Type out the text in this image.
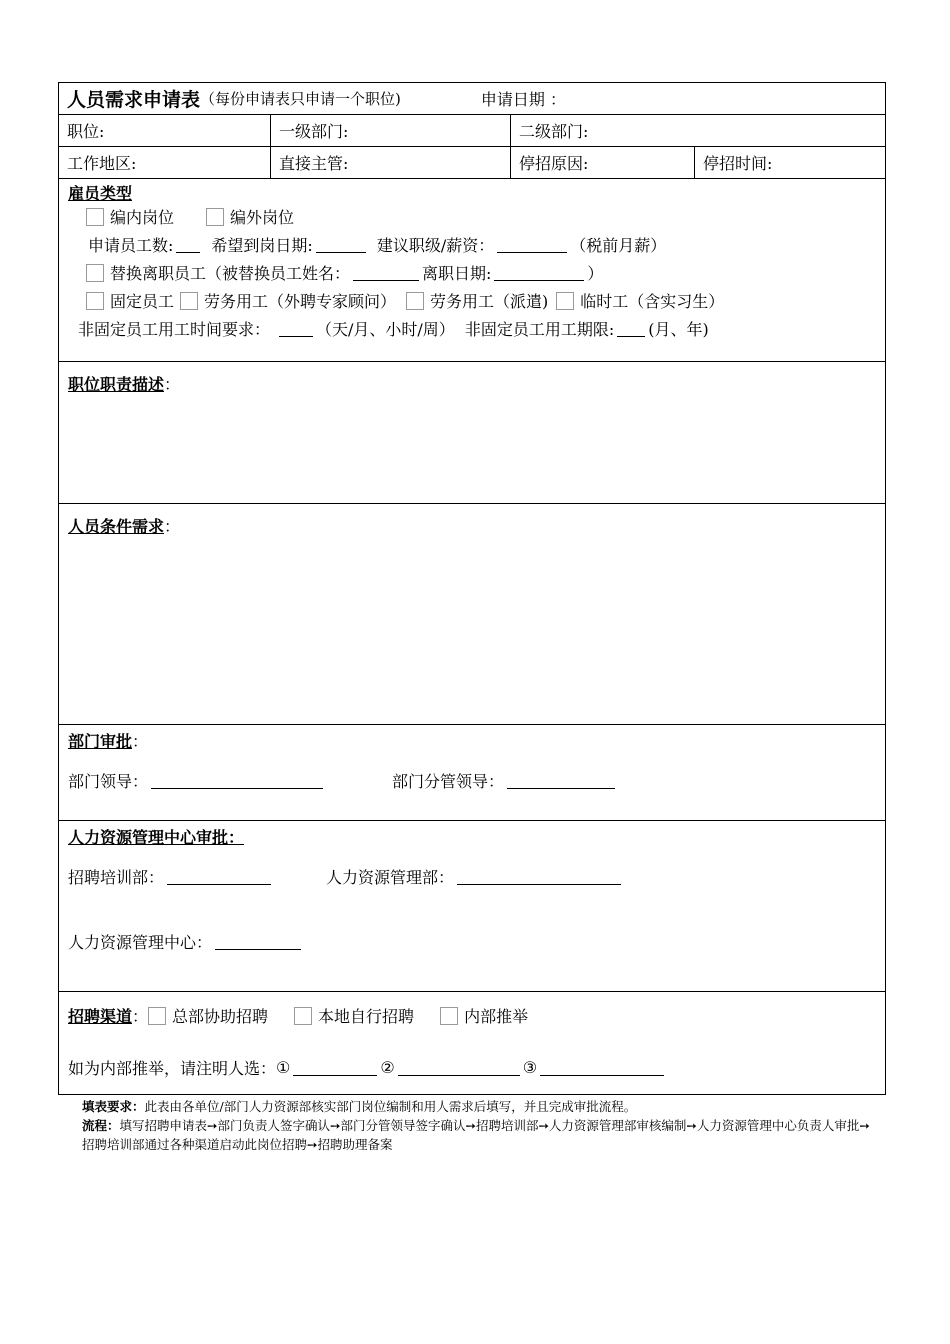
人员需求申请表 （每份申请表只申请一个职位)	申请日期 ：
职位:	一级部门:	二级部门:
工作地区:	直接主管:	停招原因:	停招时间:
雇员类型
编内岗位	编外岗位
申请员工数: 希望到岗日期:	建议职级/薪资：	（税前月薪）
替换离职员工（被替换员工姓名：	离职日期:	）
固定员工 劳务用工（外聘专家顾问） 劳务用工（派遣) 临时工（含实习生）
非固定员工用工时间要求：	（天/月、小时/周） 非固定员工用工期限: (月、年)
职位职责描述 ：
人员条件需求 ：
部门审批 ：
部门领导：	部门分管领导：
人力资源管理中心审批：
招聘培训部：	人力资源管理部：
人力资源管理中心：
招聘渠道 ： 总部协助招聘	本地自行招聘	内部推举
如为内部推举，请注明人选： ①	②	③
填表要求：此表由各单位/部门人力资源部核实部门岗位编制和用人需求后填写，并且完成审批流程。
流程：填写招聘申请表➙部门负责人签字确认➙部门分管领导签字确认➙招聘培训部➙人力资源管理部审核编制➙人力资源管理中心负责人审批➙招聘培训部通过各种渠道启动此岗位招聘➙招聘助理备案
